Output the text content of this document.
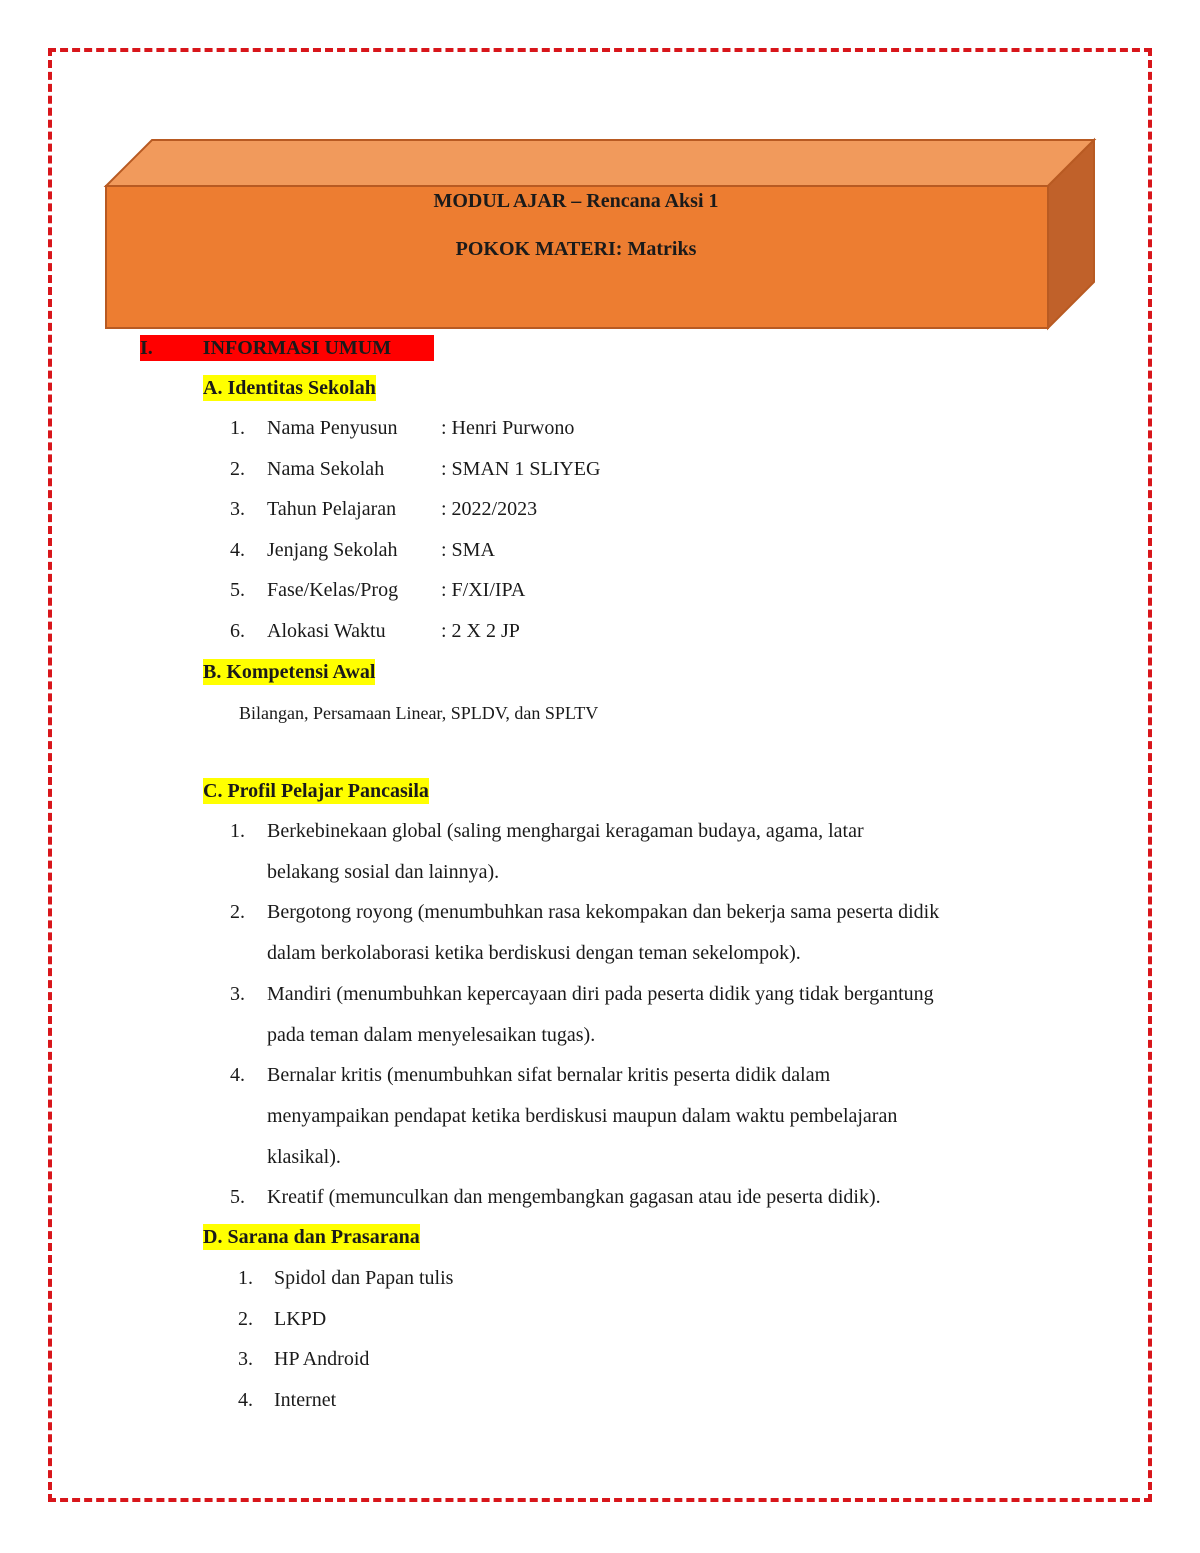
MODUL AJAR – Rencana Aksi 1
POKOK MATERI: Matriks
I.	INFORMASI UMUM
A. Identitas Sekolah
1. Nama Penyusun : Henri Purwono
2. Nama Sekolah	: SMAN 1 SLIYEG
3. Tahun Pelajaran : 2022/2023
4. Jenjang Sekolah : SMA
5. Fase/Kelas/Prog : F/XI/IPA
6. Alokasi Waktu	: 2 X 2 JP
B. Kompetensi Awal
Bilangan, Persamaan Linear, SPLDV, dan SPLTV
C. Profil Pelajar Pancasila
1. Berkebinekaan global (saling menghargai keragaman budaya, agama, latar
belakang sosial dan lainnya).
2. Bergotong royong (menumbuhkan rasa kekompakan dan bekerja sama peserta didik
dalam berkolaborasi ketika berdiskusi dengan teman sekelompok).
3. Mandiri (menumbuhkan kepercayaan diri pada peserta didik yang tidak bergantung
pada teman dalam menyelesaikan tugas).
4. Bernalar kritis (menumbuhkan sifat bernalar kritis peserta didik dalam
menyampaikan pendapat ketika berdiskusi maupun dalam waktu pembelajaran
klasikal).
5. Kreatif (memunculkan dan mengembangkan gagasan atau ide peserta didik).
D. Sarana dan Prasarana
1. Spidol dan Papan tulis
2. LKPD
3. HP Android
4. Internet
